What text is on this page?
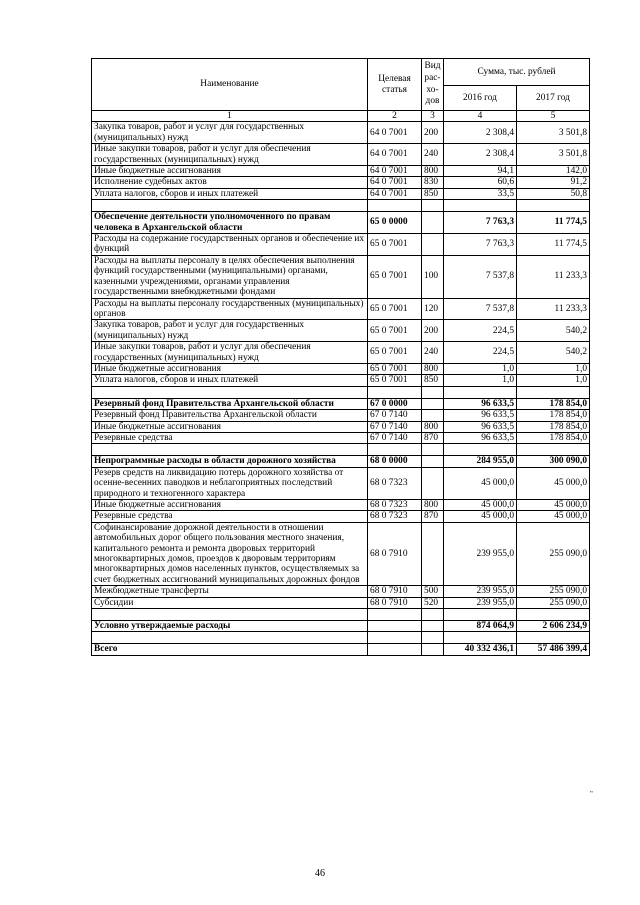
Наименование	Целевая статья	Вид рас-хо-дов	Сумма, тыс. рублей	
			2016 год	2017 год
1	2	3	4	5
Закупка товаров, работ и услуг для государственных (муниципальных) нужд	64 0 7001	200	2 308,4	3 501,8
Иные закупки товаров, работ и услуг для обеспечения государственных (муниципальных) нужд	64 0 7001	240	2 308,4	3 501,8
Иные бюджетные ассигнования	64 0 7001	800	94,1	142,0
Исполнение судебных актов	64 0 7001	830	60,6	91,2
Уплата налогов, сборов и иных платежей	64 0 7001	850	33,5	50,8

Обеспечение деятельности уполномоченного по правам человека в Архангельской области	65 0 0000		7 763,3	11 774,5
Расходы на содержание государственных органов и обеспечение их функций	65 0 7001		7 763,3	11 774,5
Расходы на выплаты персоналу в целях обеспечения выполнения функций государственными (муниципальными) органами, казенными учреждениями, органами управления государственными внебюджетными фондами	65 0 7001	100	7 537,8	11 233,3
Расходы на выплаты персоналу государственных (муниципальных) органов	65 0 7001	120	7 537,8	11 233,3
Закупка товаров, работ и услуг для государственных (муниципальных) нужд	65 0 7001	200	224,5	540,2
Иные закупки товаров, работ и услуг для обеспечения государственных (муниципальных) нужд	65 0 7001	240	224,5	540,2
Иные бюджетные ассигнования	65 0 7001	800	1,0	1,0
Уплата налогов, сборов и иных платежей	65 0 7001	850	1,0	1,0

Резервный фонд Правительства Архангельской области	67 0 0000		96 633,5	178 854,0
Резервный фонд Правительства Архангельской области	67 0 7140		96 633,5	178 854,0
Иные бюджетные ассигнования	67 0 7140	800	96 633,5	178 854,0
Резервные средства	67 0 7140	870	96 633,5	178 854,0

Непрограммные расходы в области дорожного хозяйства	68 0 0000		284 955,0	300 090,0
Резерв средств на ликвидацию потерь дорожного хозяйства от осенне-весенних паводков и неблагоприятных последствий природного и техногенного характера	68 0 7323		45 000,0	45 000,0
Иные бюджетные ассигнования	68 0 7323	800	45 000,0	45 000,0
Резервные средства	68 0 7323	870	45 000,0	45 000,0
Софинансирование дорожной деятельности в отношении автомобильных дорог общего пользования местного значения, капитального ремонта и ремонта дворовых территорий многоквартирных домов, проездов к дворовым территориям многоквартирных домов населенных пунктов, осуществляемых за счет бюджетных ассигнований муниципальных дорожных фондов	68 0 7910		239 955,0	255 090,0
Межбюджетные трансферты	68 0 7910	500	239 955,0	255 090,0
Субсидии	68 0 7910	520	239 955,0	255 090,0

Условно утверждаемые расходы			874 064,9	2 606 234,9

Всего			40 332 436,1	57 486 399,4
"
46
